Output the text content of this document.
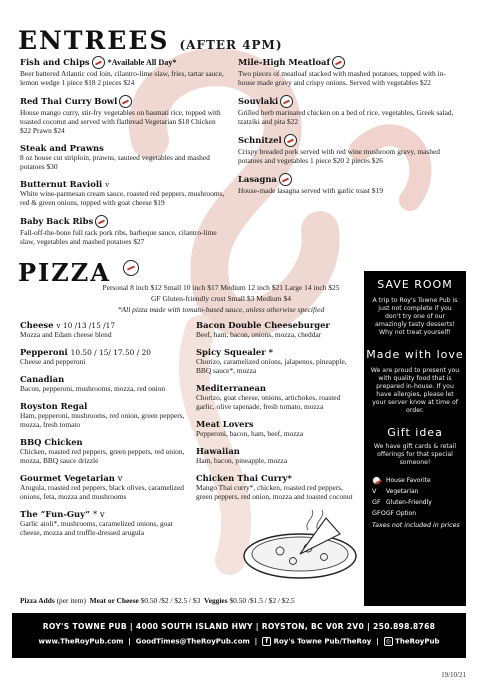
ENTREES (AFTER 4PM)
Fish and Chips *Available All Day*
Beer battered Atlantic cod loin, cilantro-lime slaw, fries, tartar sauce, lemon wedge 1 piece $18 2 pieces $24
Red Thai Curry Bowl
House mango curry, stir-fry vegetables on basmati rice, topped with toasted coconut and served with flatbread Vegetarian $18 Chicken $22 Prawn $24
Steak and Prawns
8 oz house cut striploin, prawns, sauteed vegetables and mashed potatoes $30
Butternut Ravioli v
White wine-parmesan cream sauce, roasted red peppers, mushrooms, red & green onions, topped with goat cheese $19
Baby Back Ribs
Fall-off-the-bone full rack pork ribs, barbeque sauce, cilantro-lime slaw, vegetables and mashed potatoes $27
Mile-High Meatloaf
Two pieces of meatloaf stacked with mashed potatoes, topped with in-house made gravy and crispy onions. Served with vegetables $22
Souvlaki
Grilled herb marinated chicken on a bed of rice, vegetables, Greek salad, tzatziki and pita $22
Schnitzel
Crispy breaded pork served with red wine mushroom gravy, mashed potatoes and vegetables 1 piece $20 2 pieces $26
Lasagna
House-made lasagna served with garlic toast $19
PIZZA
Personal 8 inch $12 Small 10 inch $17 Medium 12 inch $21 Large 14 inch $25
GF Gluten-friendly crust Small $3 Medium $4
*All pizza made with tomato-based sauce, unless otherwise specified
Cheese v 10 /13 /15 /17
Mozza and Edam cheese blend
Pepperoni 10.50 / 15/ 17.50 / 20
Cheese and pepperoni
Canadian
Bacon, pepperoni, mushrooms, mozza, red onion
Royston Regal
Ham, pepperoni, mushrooms, red onion, green peppers, mozza, fresh tomato
BBQ Chicken
Chicken, roasted red peppers, green peppers, red onion, mozza, BBQ sauce drizzle
Gourmet Vegetarian v
Arugula, roasted red peppers, black olives, caramelized onions, feta, mozza and mushrooms
The “Fun-Guy” * v
Garlic aioli*, mushrooms, caramelized onions, goat cheese, mozza and truffle-dressed arugula
Bacon Double Cheeseburger
Beef, ham, bacon, onions, mozza, cheddar
Spicy Squealer *
Chorizo, caramelized onions, jalapenos, pineapple, BBQ sauce*, mozza
Mediterranean
Chorizo, goat cheese, onions, artichokes, roasted garlic, olive tapenade, fresh tomato, mozza
Meat Lovers
Pepperoni, bacon, ham, beef, mozza
Hawaiian
Ham, bacon, pineapple, mozza
Chicken Thai Curry*
Mango Thai curry*, chicken, roasted red peppers, green peppers, red onion, mozza and toasted coconut
SAVE ROOM
A trip to Roy's Towne Pub is just not complete if you don't try one of our amazingly tasty desserts! Why not treat yourself!
Made with love
We are proud to present you with quality food that is prepared in-house. If you have allergies, please let your server know at time of order.
Gift idea
We have gift cards & retail offerings for that special someone!
House Favorite
V Vegetarian
GF Gluten-Friendly
GFOGF Option
Taxes not included in prices
Pizza Adds (per item) Meat or Cheese $0.50 /$2 / $2.5 / $3 Veggies $0.50 /$1.5 / $2 / $2.5
ROY'S TOWNE PUB | 4000 SOUTH ISLAND HWY | ROYSTON, BC V0R 2V0 | 250.898.8768
www.TheRoyPub.com  |  GoodTimes@TheRoyPub.com  |  f Roy's Towne Pub/TheRoy  |  ◎ TheRoyPub
19/10/21
